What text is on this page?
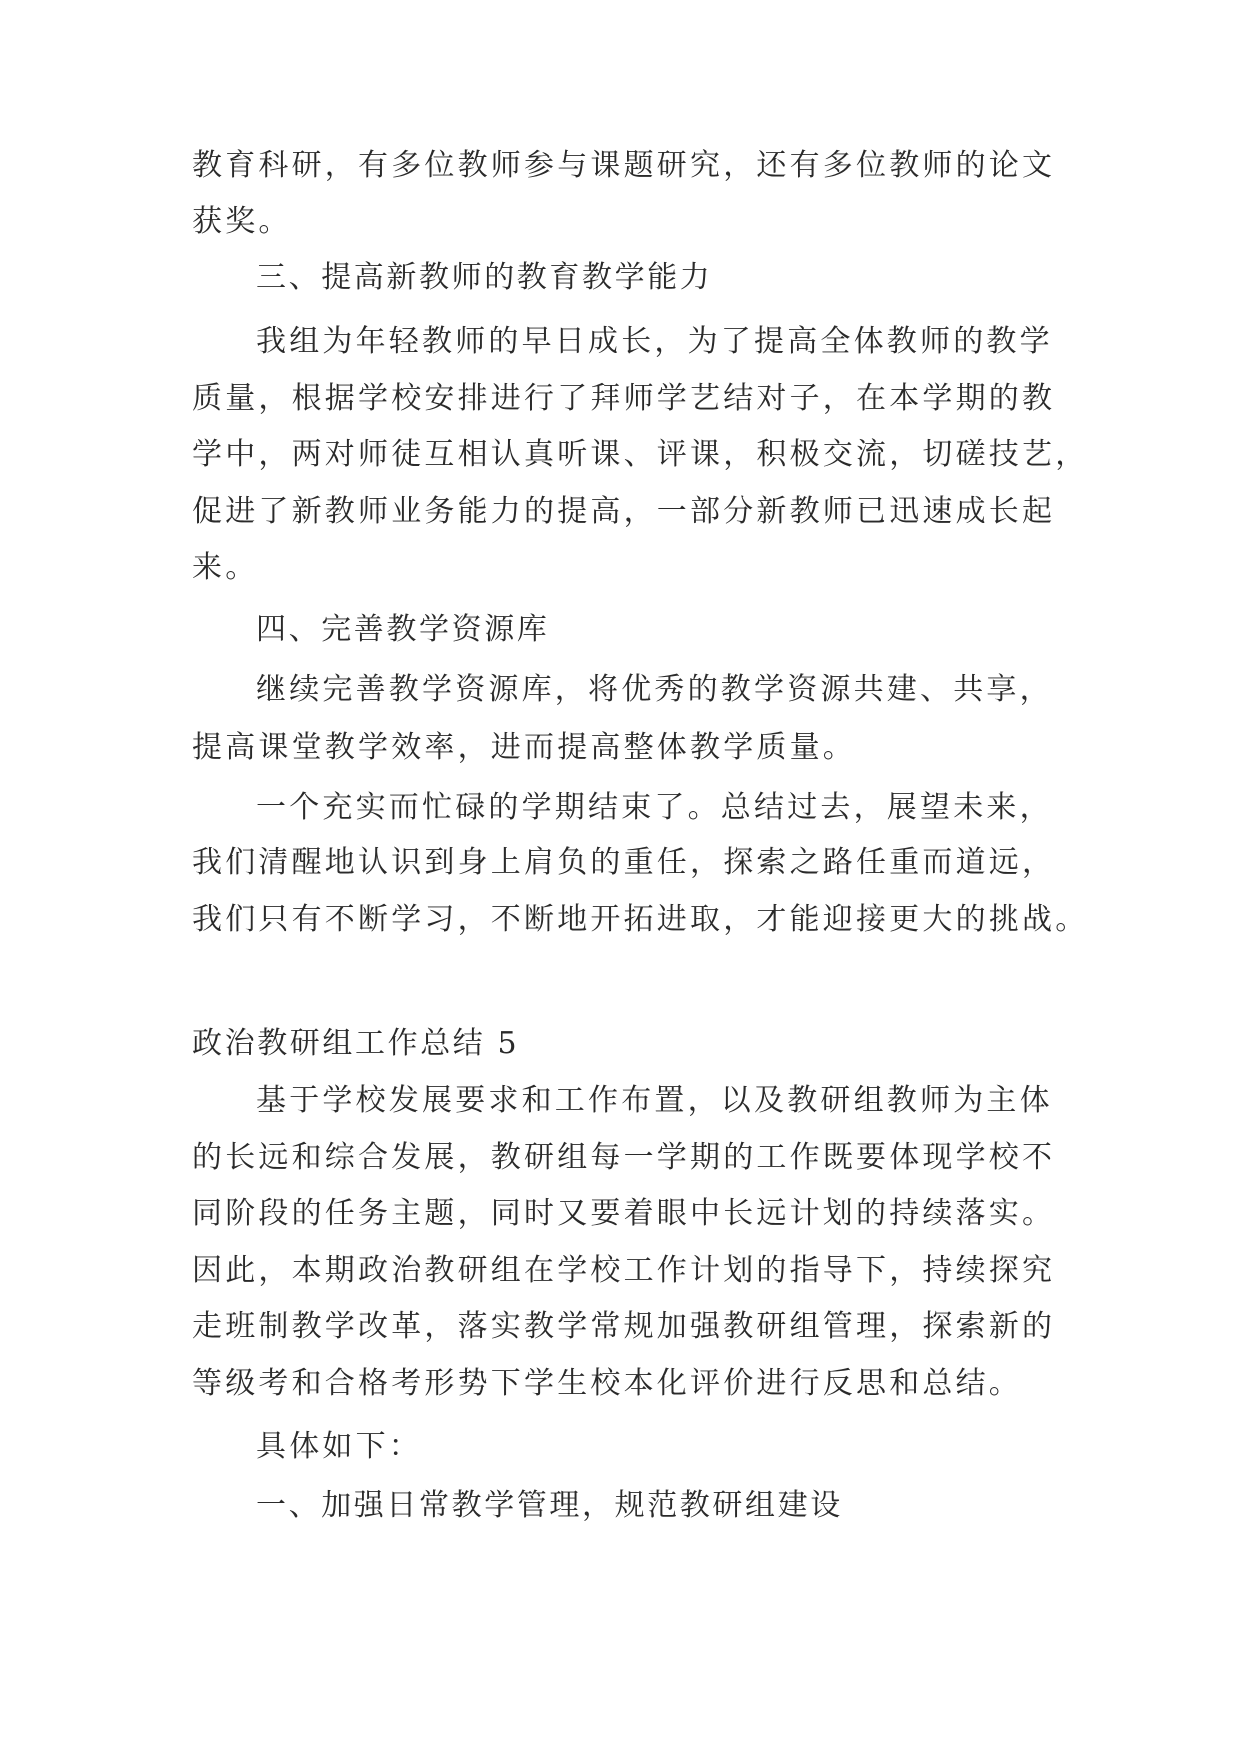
教育科研，有多位教师参与课题研究，还有多位教师的论文
获奖。
三、提高新教师的教育教学能力
我组为年轻教师的早日成长，为了提高全体教师的教学
质量，根据学校安排进行了拜师学艺结对子，在本学期的教
学中，两对师徒互相认真听课、评课，积极交流，切磋技艺，
促进了新教师业务能力的提高，一部分新教师已迅速成长起
来。
四、完善教学资源库
继续完善教学资源库，将优秀的教学资源共建、共享，
提高课堂教学效率，进而提高整体教学质量。
一个充实而忙碌的学期结束了。总结过去，展望未来，
我们清醒地认识到身上肩负的重任，探索之路任重而道远，
我们只有不断学习，不断地开拓进取，才能迎接更大的挑战。
政治教研组工作总结 5
基于学校发展要求和工作布置，以及教研组教师为主体
的长远和综合发展，教研组每一学期的工作既要体现学校不
同阶段的任务主题，同时又要着眼中长远计划的持续落实。
因此，本期政治教研组在学校工作计划的指导下，持续探究
走班制教学改革，落实教学常规加强教研组管理，探索新的
等级考和合格考形势下学生校本化评价进行反思和总结。
具体如下：
一、加强日常教学管理，规范教研组建设
